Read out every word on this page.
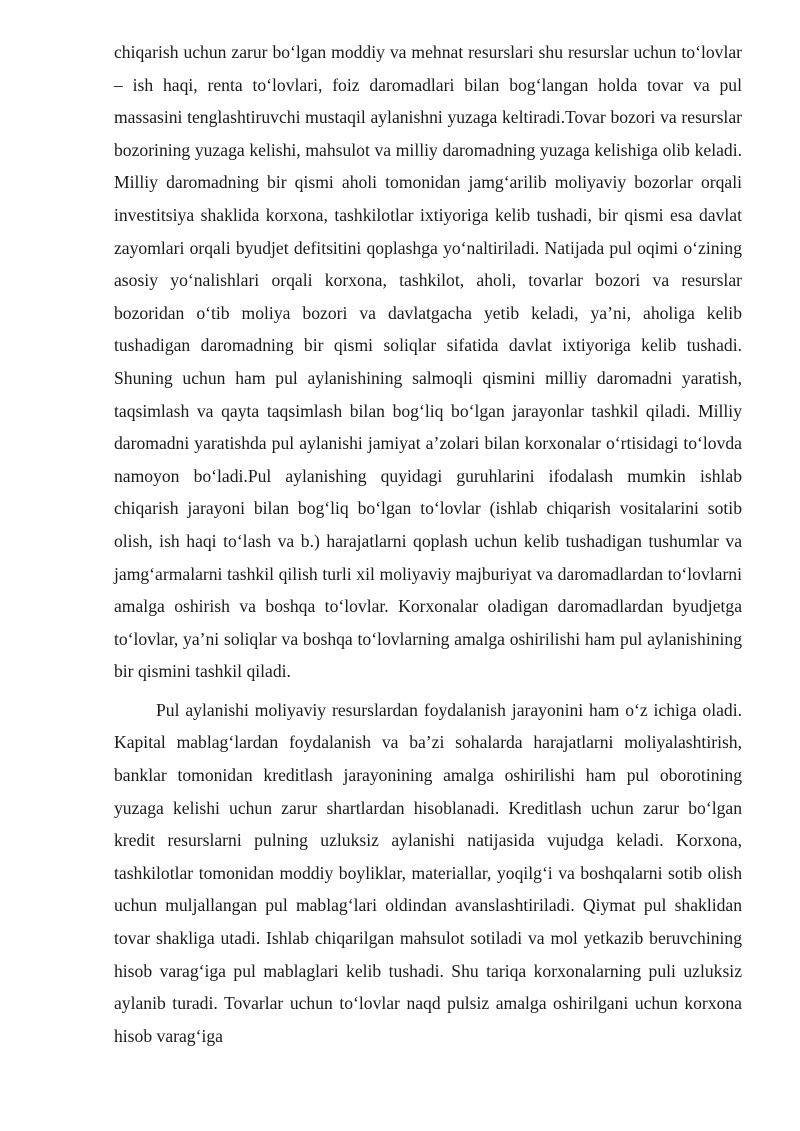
chiqarish uchun zarur bo‘lgan moddiy va mehnat resurslari shu resurslar uchun to‘lovlar – ish haqi, renta to‘lovlari, foiz daromadlari bilan bog‘langan holda tovar va pul massasini tenglashtiruvchi mustaqil aylanishni yuzaga keltiradi.Tovar bozori va resurslar bozorining yuzaga kelishi, mahsulot va milliy daromadning yuzaga kelishiga olib keladi. Milliy daromadning bir qismi aholi tomonidan jamg‘arilib moliyaviy bozorlar orqali investitsiya shaklida korxona, tashkilotlar ixtiyoriga kelib tushadi, bir qismi esa davlat zayomlari orqali byudjet defitsitini qoplashga yo‘naltiriladi. Natijada pul oqimi o‘zining asosiy yo‘nalishlari orqali korxona, tashkilot, aholi, tovarlar bozori va resurslar bozoridan o‘tib moliya bozori va davlatgacha yetib keladi, ya’ni, aholiga kelib tushadigan daromadning bir qismi soliqlar sifatida davlat ixtiyoriga kelib tushadi. Shuning uchun ham pul aylanishining salmoqli qismini milliy daromadni yaratish, taqsimlash va qayta taqsimlash bilan bog‘liq bo‘lgan jarayonlar tashkil qiladi. Milliy daromadni yaratishda pul aylanishi jamiyat a’zolari bilan korxonalar o‘rtisidagi to‘lovda namoyon bo‘ladi.Pul aylanishing quyidagi guruhlarini ifodalash mumkin ishlab chiqarish jarayoni bilan bog‘liq bo‘lgan to‘lovlar (ishlab chiqarish vositalarini sotib olish, ish haqi to‘lash va b.) harajatlarni qoplash uchun kelib tushadigan tushumlar va jamg‘armalarni tashkil qilish turli xil moliyaviy majburiyat va daromadlardan to‘lovlarni amalga oshirish va boshqa to‘lovlar. Korxonalar oladigan daromadlardan byudjetga to‘lovlar, ya’ni soliqlar va boshqa to‘lovlarning amalga oshirilishi ham pul aylanishining bir qismini tashkil qiladi.

Pul aylanishi moliyaviy resurslardan foydalanish jarayonini ham o‘z ichiga oladi. Kapital mablag‘lardan foydalanish va ba’zi sohalarda harajatlarni moliyalashtirish, banklar tomonidan kreditlash jarayonining amalga oshirilishi ham pul oborotining yuzaga kelishi uchun zarur shartlardan hisoblanadi. Kreditlash uchun zarur bo‘lgan kredit resurslarni pulning uzluksiz aylanishi natijasida vujudga keladi. Korxona, tashkilotlar tomonidan moddiy boyliklar, materiallar, yoqilg‘i va boshqalarni sotib olish uchun muljallangan pul mablag‘lari oldindan avanslashtiriladi. Qiymat pul shaklidan tovar shakliga utadi. Ishlab chiqarilgan mahsulot sotiladi va mol yetkazib beruvchining hisob varag‘iga pul mablaglari kelib tushadi. Shu tariqa korxonalarning puli uzluksiz aylanib turadi. Tovarlar uchun to‘lovlar naqd pulsiz amalga oshirilgani uchun korxona hisob varag‘iga
